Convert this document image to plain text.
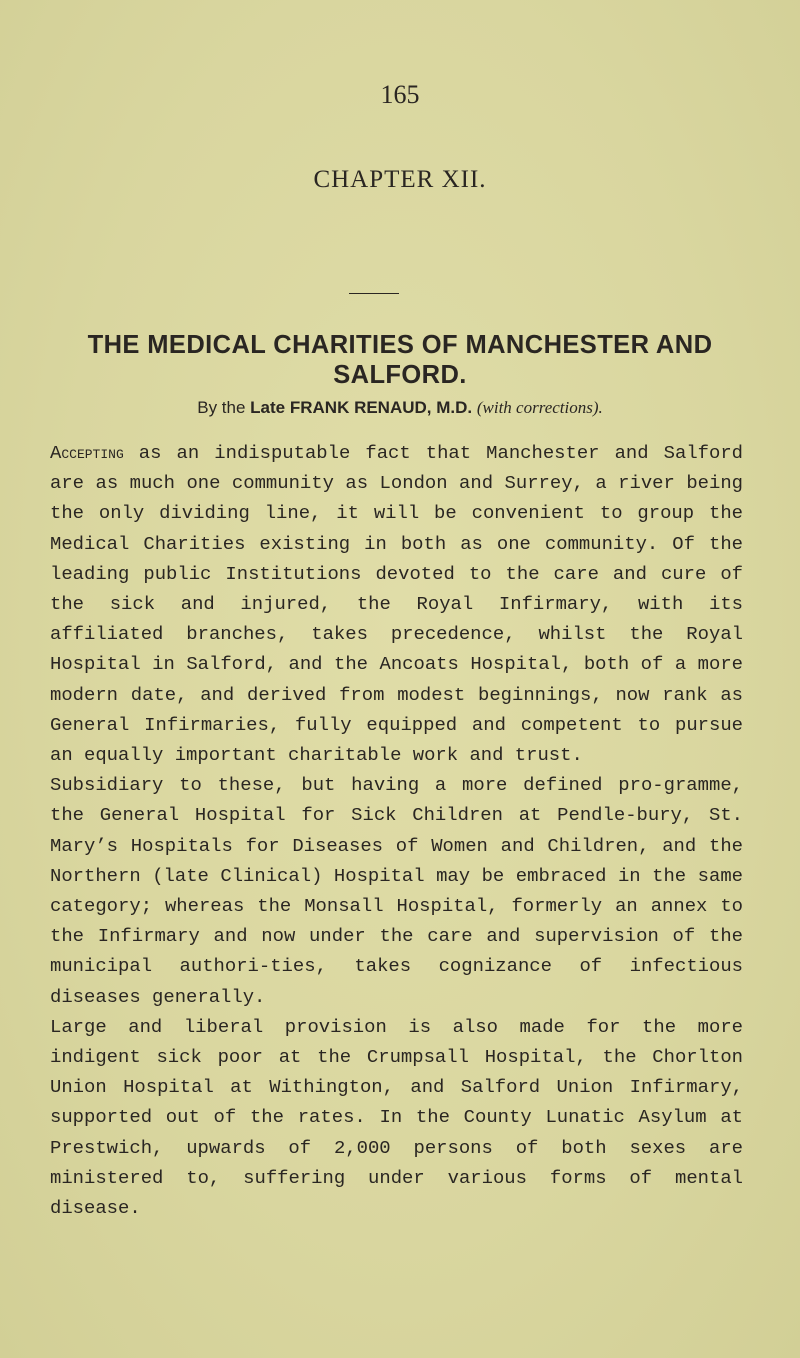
165
CHAPTER XII.
THE MEDICAL CHARITIES OF MANCHESTER AND SALFORD.
By the Late FRANK RENAUD, M.D. (with corrections).

Accepting as an indisputable fact that Manchester and Salford are as much one community as London and Surrey, a river being the only dividing line, it will be convenient to group the Medical Charities existing in both as one community. Of the leading public Institutions devoted to the care and cure of the sick and injured, the Royal Infirmary, with its affiliated branches, takes precedence, whilst the Royal Hospital in Salford, and the Ancoats Hospital, both of a more modern date, and derived from modest beginnings, now rank as General Infirmaries, fully equipped and competent to pursue an equally important charitable work and trust.

Subsidiary to these, but having a more defined pro-gramme, the General Hospital for Sick Children at Pendle-bury, St. Mary’s Hospitals for Diseases of Women and Children, and the Northern (late Clinical) Hospital may be embraced in the same category; whereas the Monsall Hospital, formerly an annex to the Infirmary and now under the care and supervision of the municipal authori-ties, takes cognizance of infectious diseases generally.

Large and liberal provision is also made for the more indigent sick poor at the Crumpsall Hospital, the Chorlton Union Hospital at Withington, and Salford Union Infirmary, supported out of the rates. In the County Lunatic Asylum at Prestwich, upwards of 2,000 persons of both sexes are ministered to, suffering under various forms of mental disease.
